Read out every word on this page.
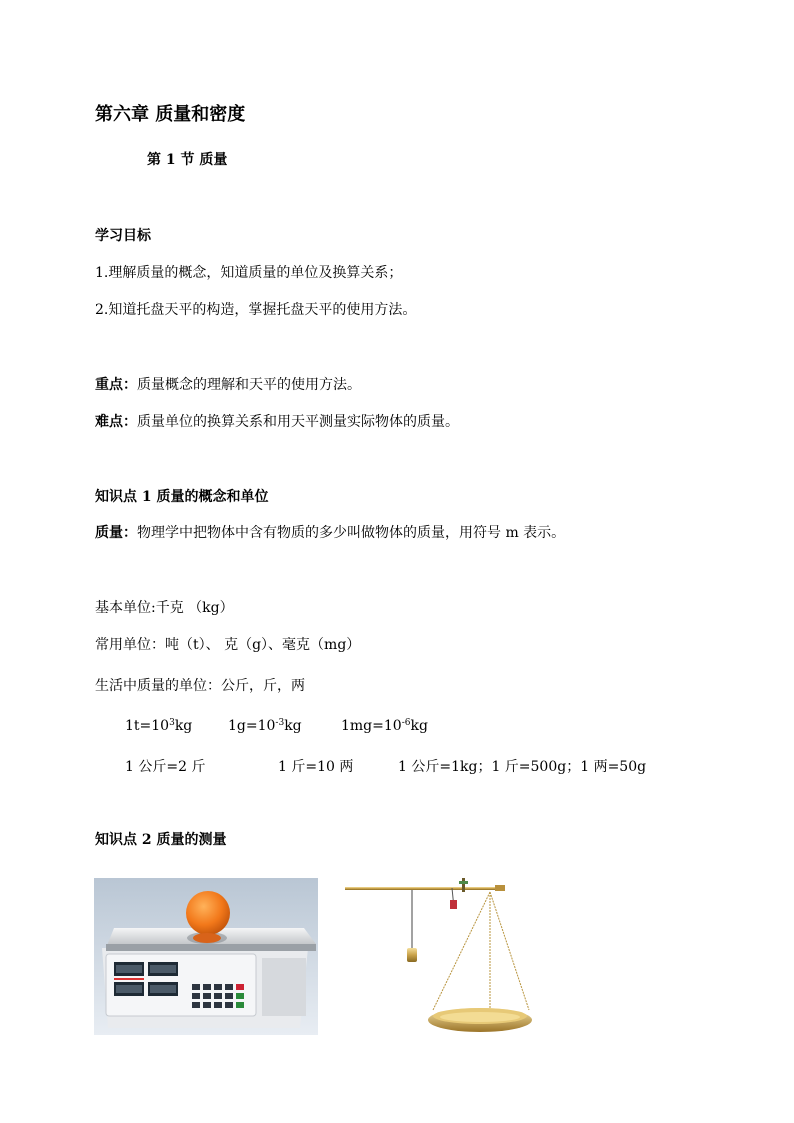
第六章 质量和密度
第 1 节 质量
学习目标
1.理解质量的概念，知道质量的单位及换算关系；
2.知道托盘天平的构造，掌握托盘天平的使用方法。
重点：质量概念的理解和天平的使用方法。
难点：质量单位的换算关系和用天平测量实际物体的质量。
知识点 1 质量的概念和单位
质量：物理学中把物体中含有物质的多少叫做物体的质量，用符号 m 表示。
基本单位:千克 （kg）
常用单位：吨（t）、 克（g）、毫克（mg）
生活中质量的单位：公斤，斤，两
$1t=10^3kg$	$1g=10^{-3}kg$	$1mg=10^{-6}kg$
1 公斤=2 斤	1 斤=10 两	1 公斤=1kg；1 斤=500g；1 两=50g
知识点 2 质量的测量
